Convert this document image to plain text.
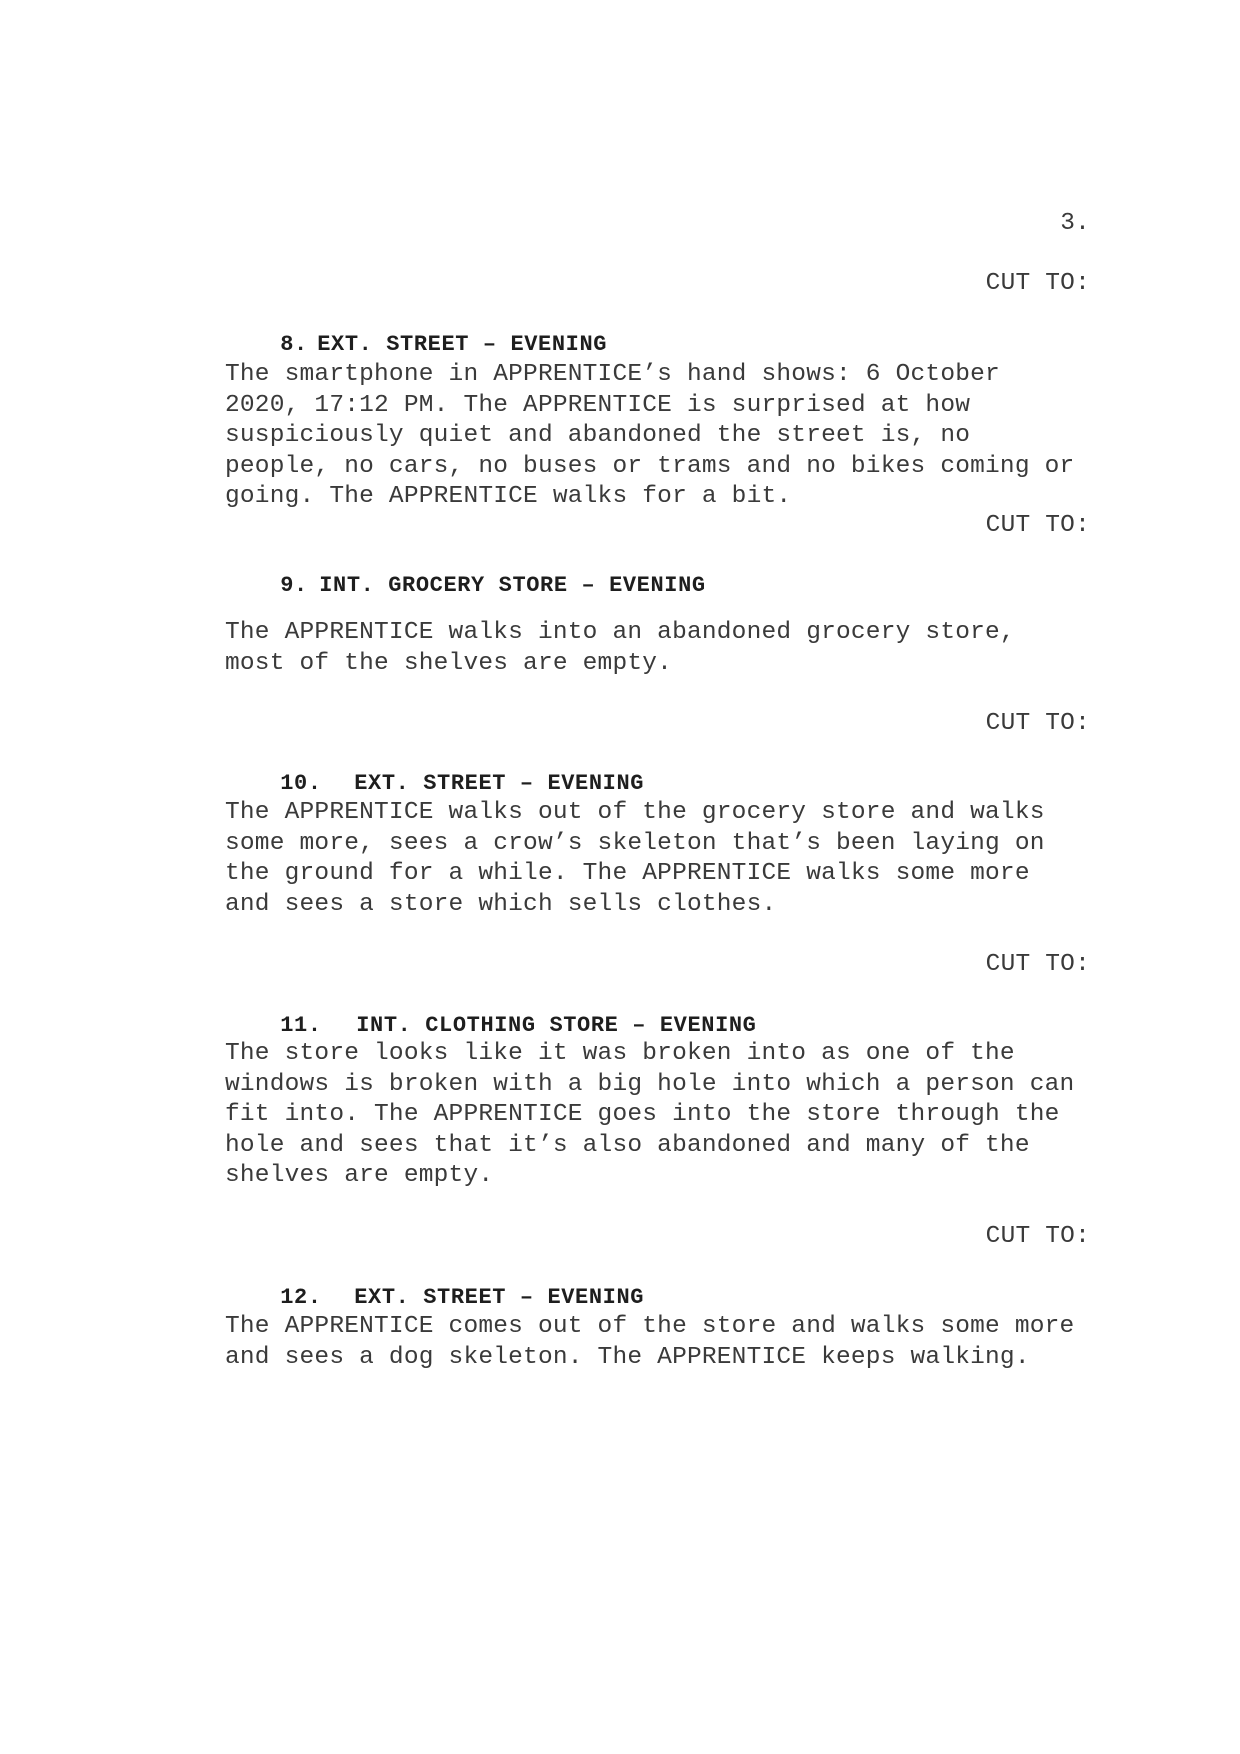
3.
CUT TO:

8. EXT. STREET – EVENING

The smartphone in APPRENTICE’s hand shows: 6 October
2020, 17:12 PM. The APPRENTICE is surprised at how
suspiciously quiet and abandoned the street is, no
people, no cars, no buses or trams and no bikes coming or
going. The APPRENTICE walks for a bit.
CUT TO:

9. INT. GROCERY STORE – EVENING

The APPRENTICE walks into an abandoned grocery store,
most of the shelves are empty.
CUT TO:

10. EXT. STREET – EVENING

The APPRENTICE walks out of the grocery store and walks
some more, sees a crow’s skeleton that’s been laying on
the ground for a while. The APPRENTICE walks some more
and sees a store which sells clothes.
CUT TO:

11. INT. CLOTHING STORE – EVENING

The store looks like it was broken into as one of the
windows is broken with a big hole into which a person can
fit into. The APPRENTICE goes into the store through the
hole and sees that it’s also abandoned and many of the
shelves are empty.
CUT TO:

12. EXT. STREET – EVENING

The APPRENTICE comes out of the store and walks some more
and sees a dog skeleton. The APPRENTICE keeps walking.
